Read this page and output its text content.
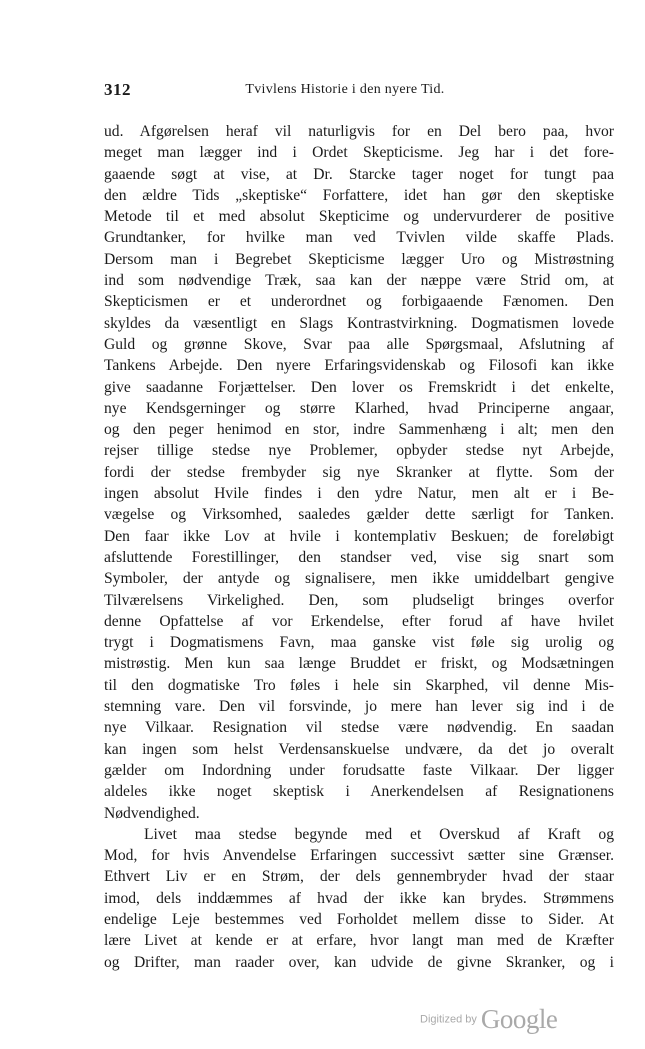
312	Tvivlens Historie i den nyere Tid.
ud. Afgørelsen heraf vil naturligvis for en Del bero paa, hvor
meget man lægger ind i Ordet Skepticisme. Jeg har i det fore-
gaaende søgt at vise, at Dr. Starcke tager noget for tungt paa
den ældre Tids „skeptiske“ Forfattere, idet han gør den skeptiske
Metode til et med absolut Skepticime og undervurderer de positive
Grundtanker, for hvilke man ved Tvivlen vilde skaffe Plads.
Dersom man i Begrebet Skepticisme lægger Uro og Mistrøstning
ind som nødvendige Træk, saa kan der næppe være Strid om, at
Skepticismen er et underordnet og forbigaaende Fænomen. Den
skyldes da væsentligt en Slags Kontrastvirkning. Dogmatismen lovede
Guld og grønne Skove, Svar paa alle Spørgsmaal, Afslutning af
Tankens Arbejde. Den nyere Erfaringsvidenskab og Filosofi kan ikke
give saadanne Forjættelser. Den lover os Fremskridt i det enkelte,
nye Kendsgerninger og større Klarhed, hvad Principerne angaar,
og den peger henimod en stor, indre Sammenhæng i alt; men den
rejser tillige stedse nye Problemer, opbyder stedse nyt Arbejde,
fordi der stedse frembyder sig nye Skranker at flytte. Som der
ingen absolut Hvile findes i den ydre Natur, men alt er i Be-
vægelse og Virksomhed, saaledes gælder dette særligt for Tanken.
Den faar ikke Lov at hvile i kontemplativ Beskuen; de foreløbigt
afsluttende Forestillinger, den standser ved, vise sig snart som
Symboler, der antyde og signalisere, men ikke umiddelbart gengive
Tilværelsens Virkelighed. Den, som pludseligt bringes overfor
denne Opfattelse af vor Erkendelse, efter forud af have hvilet
trygt i Dogmatismens Favn, maa ganske vist føle sig urolig og
mistrøstig. Men kun saa længe Bruddet er friskt, og Modsætningen
til den dogmatiske Tro føles i hele sin Skarphed, vil denne Mis-
stemning vare. Den vil forsvinde, jo mere han lever sig ind i de
nye Vilkaar. Resignation vil stedse være nødvendig. En saadan
kan ingen som helst Verdensanskuelse undvære, da det jo overalt
gælder om Indordning under forudsatte faste Vilkaar. Der ligger
aldeles ikke noget skeptisk i Anerkendelsen af Resignationens
Nødvendighed.
Livet maa stedse begynde med et Overskud af Kraft og
Mod, for hvis Anvendelse Erfaringen successivt sætter sine Grænser.
Ethvert Liv er en Strøm, der dels gennembryder hvad der staar
imod, dels inddæmmes af hvad der ikke kan brydes. Strømmens
endelige Leje bestemmes ved Forholdet mellem disse to Sider. At
lære Livet at kende er at erfare, hvor langt man med de Kræfter
og Drifter, man raader over, kan udvide de givne Skranker, og i
Digitized by Google
